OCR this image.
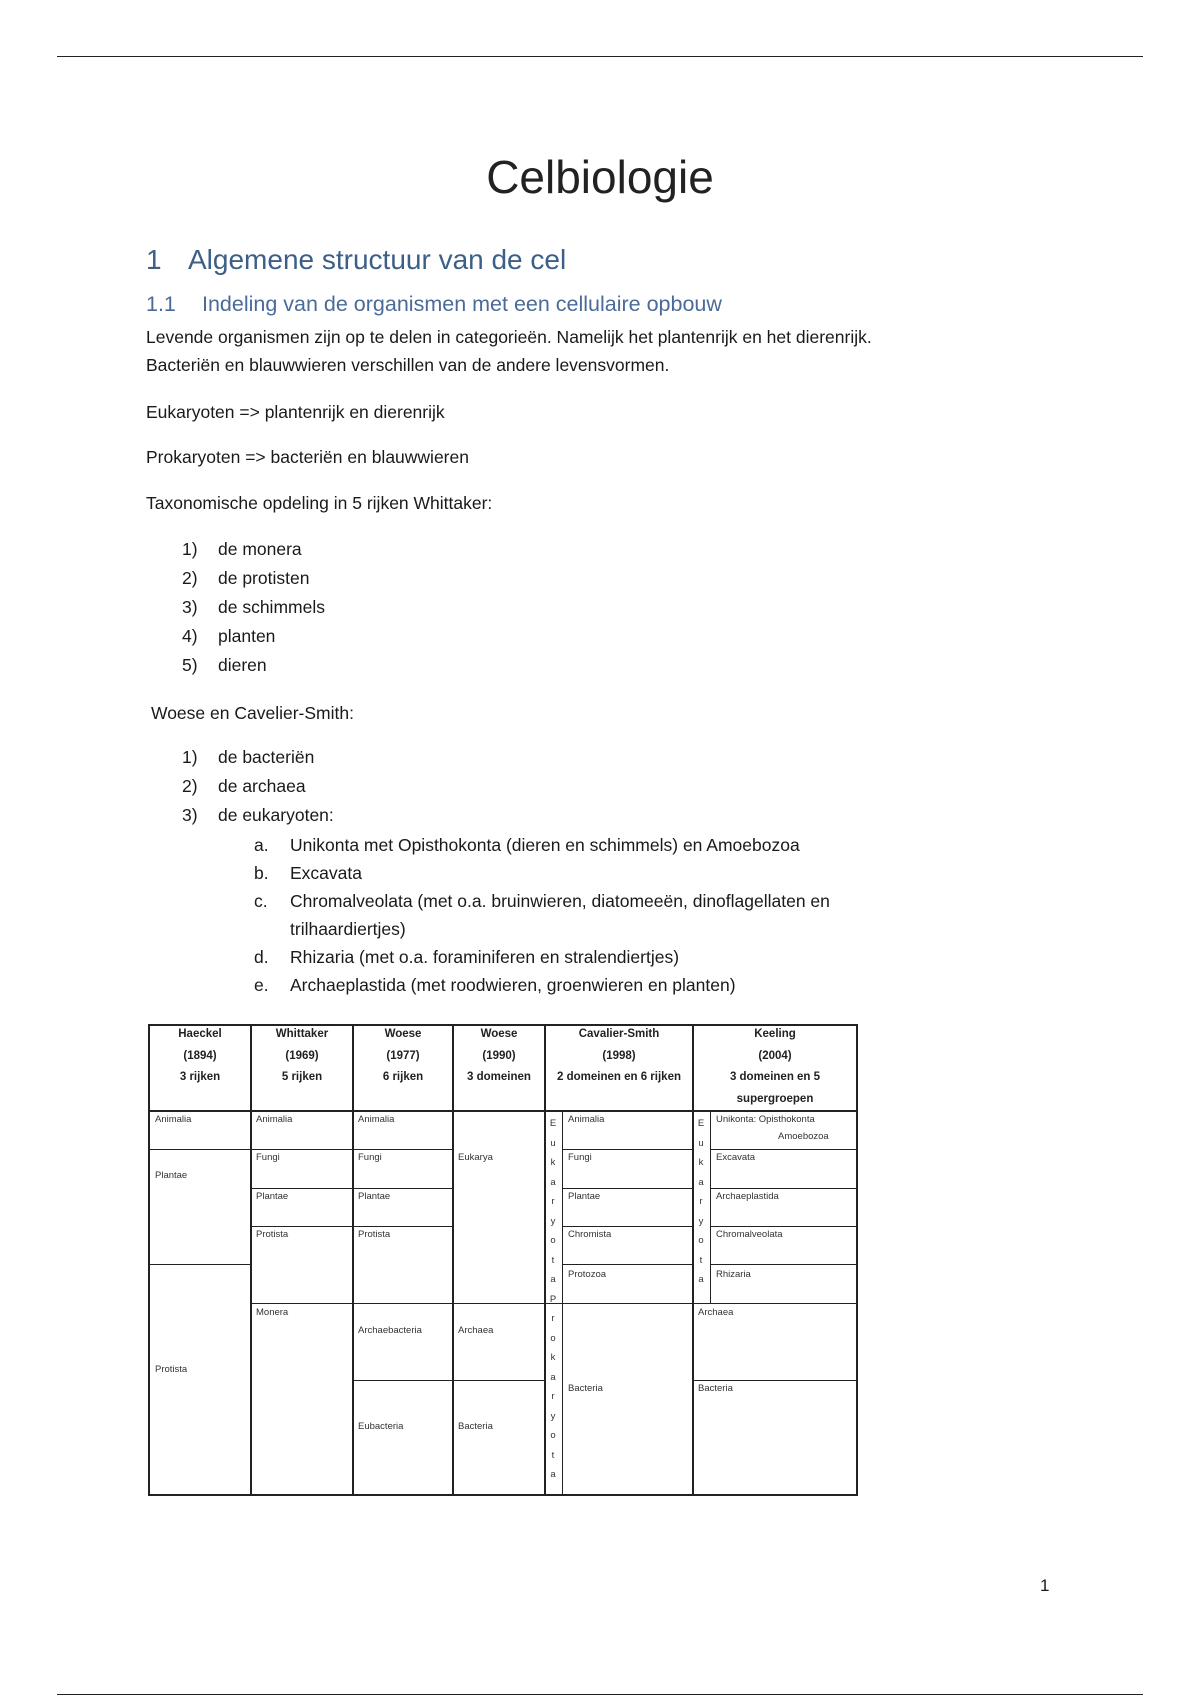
Celbiologie
1 Algemene structuur van de cel
1.1 Indeling van de organismen met een cellulaire opbouw

Levende organismen zijn op te delen in categorieën. Namelijk het plantenrijk en het dierenrijk.

Bacteriën en blauwwieren verschillen van de andere levensvormen.

Eukaryoten => plantenrijk en dierenrijk

Prokaryoten => bacteriën en blauwwieren

Taxonomische opdeling in 5 rijken Whittaker:

1) de monera
2) de protisten
3) de schimmels
4) planten
5) dieren

Woese en Cavelier-Smith:

1) de bacteriën
2) de archaea
3) de eukaryoten:
a. Unikonta met Opisthokonta (dieren en schimmels) en Amoebozoa
b. Excavata
c. Chromalveolata (met o.a. bruinwieren, diatomeeën, dinoflagellaten en trilhaardiertjes)
d. Rhizaria (met o.a. foraminiferen en stralendiertjes)
e. Archaeplastida (met roodwieren, groenwieren en planten)
Haeckel
(1894)
3 rijken
Whittaker
(1969)
5 rijken
Woese
(1977)
6 rijken
Woese
(1990)
3 domeinen
Cavalier-Smith
(1998)
2 domeinen en 6 rijken
Keeling
(2004)
3 domeinen en 5 supergroepen
Animalia
Plantae
Protista
Animalia
Fungi
Plantae
Protista
Monera
Animalia
Fungi
Plantae
Protista
Archaebacteria
Eubacteria
Eukarya
Archaea
Bacteria
E
u
k
a
r
y
o
t
a
P
r
o
k
a
r
y
o
t
a
Animalia
Fungi
Plantae
Chromista
Protozoa
Bacteria
E
u
k
a
r
y
o
t
a
Unikonta: Opisthokonta
Amoebozoa
Excavata
Archaeplastida
Chromalveolata
Rhizaria
Archaea
Bacteria
1
